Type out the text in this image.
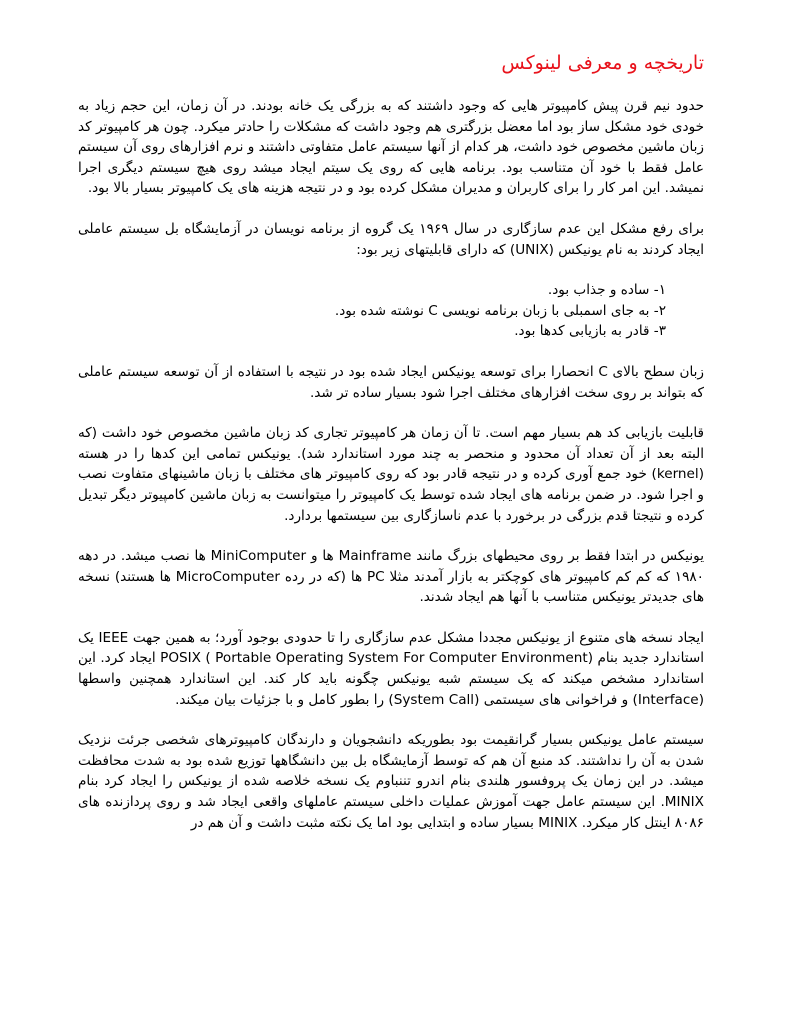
تاریخچه و معرفی لینوکس

حدود نیم قرن پیش کامپیوتر هایی که وجود داشتند که به بزرگی یک خانه بودند. در آن زمان، این حجم زیاد به خودی خود مشکل ساز بود اما معضل بزرگتری هم وجود داشت که مشکلات را حادتر میکرد. چون هر کامپیوتر کد زبان ماشین مخصوص خود داشت، هر کدام از آنها سیستم عامل متفاوتی داشتند و نرم افزارهای روی آن سیستم عامل فقط با خود آن متناسب بود. برنامه هایی که روی یک سیتم ایجاد میشد روی هیچ سیستم دیگری اجرا نمیشد. این امر کار را برای کاربران و مدیران مشکل کرده بود و در نتیجه هزینه های یک کامپیوتر بسیار بالا بود.

برای رفع مشکل این عدم سازگاری در سال ۱۹۶۹ یک گروه از برنامه نویسان در آزمایشگاه بل سیستم عاملی ایجاد کردند به نام یونیکس (UNIX) که دارای قابلیتهای زیر بود:

۱- ساده و جذاب بود.
۲- به جای اسمبلی با زبان برنامه نویسی C نوشته شده بود.
۳- قادر به بازیابی کدها بود.

زبان سطح بالای C انحصارا برای توسعه یونیکس ایجاد شده بود در نتیجه با استفاده از آن توسعه سیستم عاملی که بتواند بر روی سخت افزارهای مختلف اجرا شود بسیار ساده تر شد.

قابلیت بازیابی کد هم بسیار مهم است. تا آن زمان هر کامپیوتر تجاری کد زبان ماشین مخصوص خود داشت (که البته بعد از آن تعداد آن محدود و منحصر به چند مورد استاندارد شد). یونیکس تمامی این کدها را در هسته (kernel) خود جمع آوری کرده و در نتیجه قادر بود که روی کامپیوتر های مختلف با زبان ماشینهای متفاوت نصب و اجرا شود. در ضمن برنامه های ایجاد شده توسط یک کامپیوتر را میتوانست به زبان ماشین کامپیوتر دیگر تبدیل کرده و نتیجتا قدم بزرگی در برخورد با عدم ناسازگاری بین سیستمها بردارد.

یونیکس در ابتدا فقط بر روی محیطهای بزرگ مانند Mainframe ها و MiniComputer ها نصب میشد. در دهه ۱۹۸۰ که کم کم کامپیوتر های کوچکتر به بازار آمدند مثلا PC ها (که در رده MicroComputer ها هستند) نسخه های جدیدتر یونیکس متناسب با آنها هم ایجاد شدند.

ایجاد نسخه های متنوع از یونیکس مجددا مشکل عدم سازگاری را تا حدودی بوجود آورد؛ به همین جهت IEEE یک استاندارد جدید بنام POSIX ( Portable Operating System For Computer Environment) ایجاد کرد. این استاندارد مشخص میکند که یک سیستم شبه یونیکس چگونه باید کار کند. این استاندارد همچنین واسطها (Interface) و فراخوانی های سیستمی (System Call) را بطور کامل و با جزئیات بیان میکند.

سیستم عامل یونیکس بسیار گرانقیمت بود بطوریکه دانشجویان و دارندگان کامپیوترهای شخصی جرئت نزدیک شدن به آن را نداشتند. کد منبع آن هم که توسط آزمایشگاه بل بین دانشگاهها توزیع شده بود به شدت محافظت میشد. در این زمان یک پروفسور هلندی بنام اندرو تننباوم یک نسخه خلاصه شده از یونیکس را ایجاد کرد بنام MINIX. این سیستم عامل جهت آموزش عملیات داخلی سیستم عاملهای واقعی ایجاد شد و روی پردازنده های ۸۰۸۶ اینتل کار میکرد. MINIX بسیار ساده و ابتدایی بود اما یک نکته مثبت داشت و آن هم در
